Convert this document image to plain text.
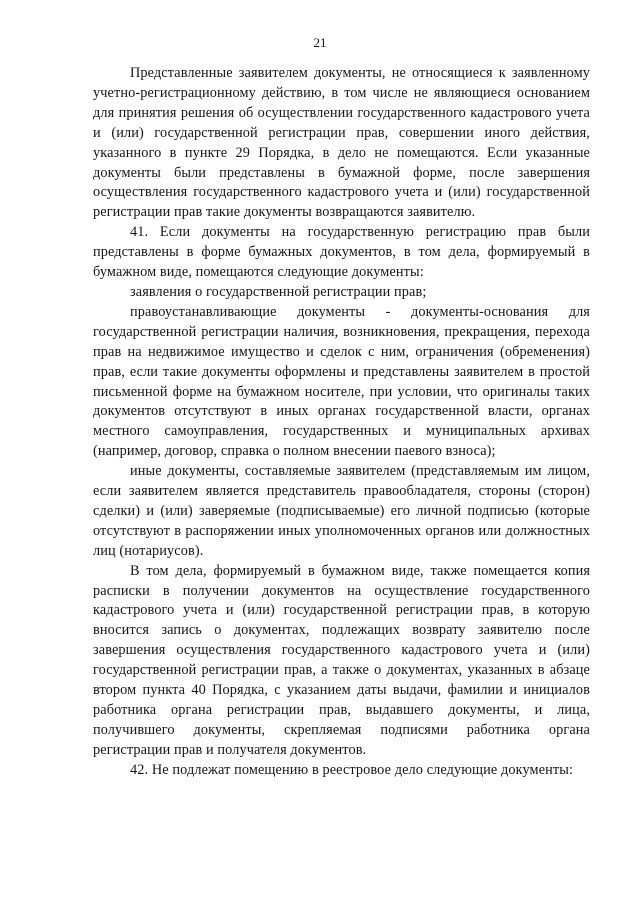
21

Представленные заявителем документы, не относящиеся к заявленному учетно-регистрационному действию, в том числе не являющиеся основанием для принятия решения об осуществлении государственного кадастрового учета и (или) государственной регистрации прав, совершении иного действия, указанного в пункте 29 Порядка, в дело не помещаются. Если указанные документы были представлены в бумажной форме, после завершения осуществления государственного кадастрового учета и (или) государственной регистрации прав такие документы возвращаются заявителю.

41. Если документы на государственную регистрацию прав были представлены в форме бумажных документов, в том дела, формируемый в бумажном виде, помещаются следующие документы:

заявления о государственной регистрации прав;

правоустанавливающие документы - документы-основания для государственной регистрации наличия, возникновения, прекращения, перехода прав на недвижимое имущество и сделок с ним, ограничения (обременения) прав, если такие документы оформлены и представлены заявителем в простой письменной форме на бумажном носителе, при условии, что оригиналы таких документов отсутствуют в иных органах государственной власти, органах местного самоуправления, государственных и муниципальных архивах (например, договор, справка о полном внесении паевого взноса);

иные документы, составляемые заявителем (представляемым им лицом, если заявителем является представитель правообладателя, стороны (сторон) сделки) и (или) заверяемые (подписываемые) его личной подписью (которые отсутствуют в распоряжении иных уполномоченных органов или должностных лиц (нотариусов).

В том дела, формируемый в бумажном виде, также помещается копия расписки в получении документов на осуществление государственного кадастрового учета и (или) государственной регистрации прав, в которую вносится запись о документах, подлежащих возврату заявителю после завершения осуществления государственного кадастрового учета и (или) государственной регистрации прав, а также о документах, указанных в абзаце втором пункта 40 Порядка, с указанием даты выдачи, фамилии и инициалов работника органа регистрации прав, выдавшего документы, и лица, получившего документы, скрепляемая подписями работника органа регистрации прав и получателя документов.

42. Не подлежат помещению в реестровое дело следующие документы:
